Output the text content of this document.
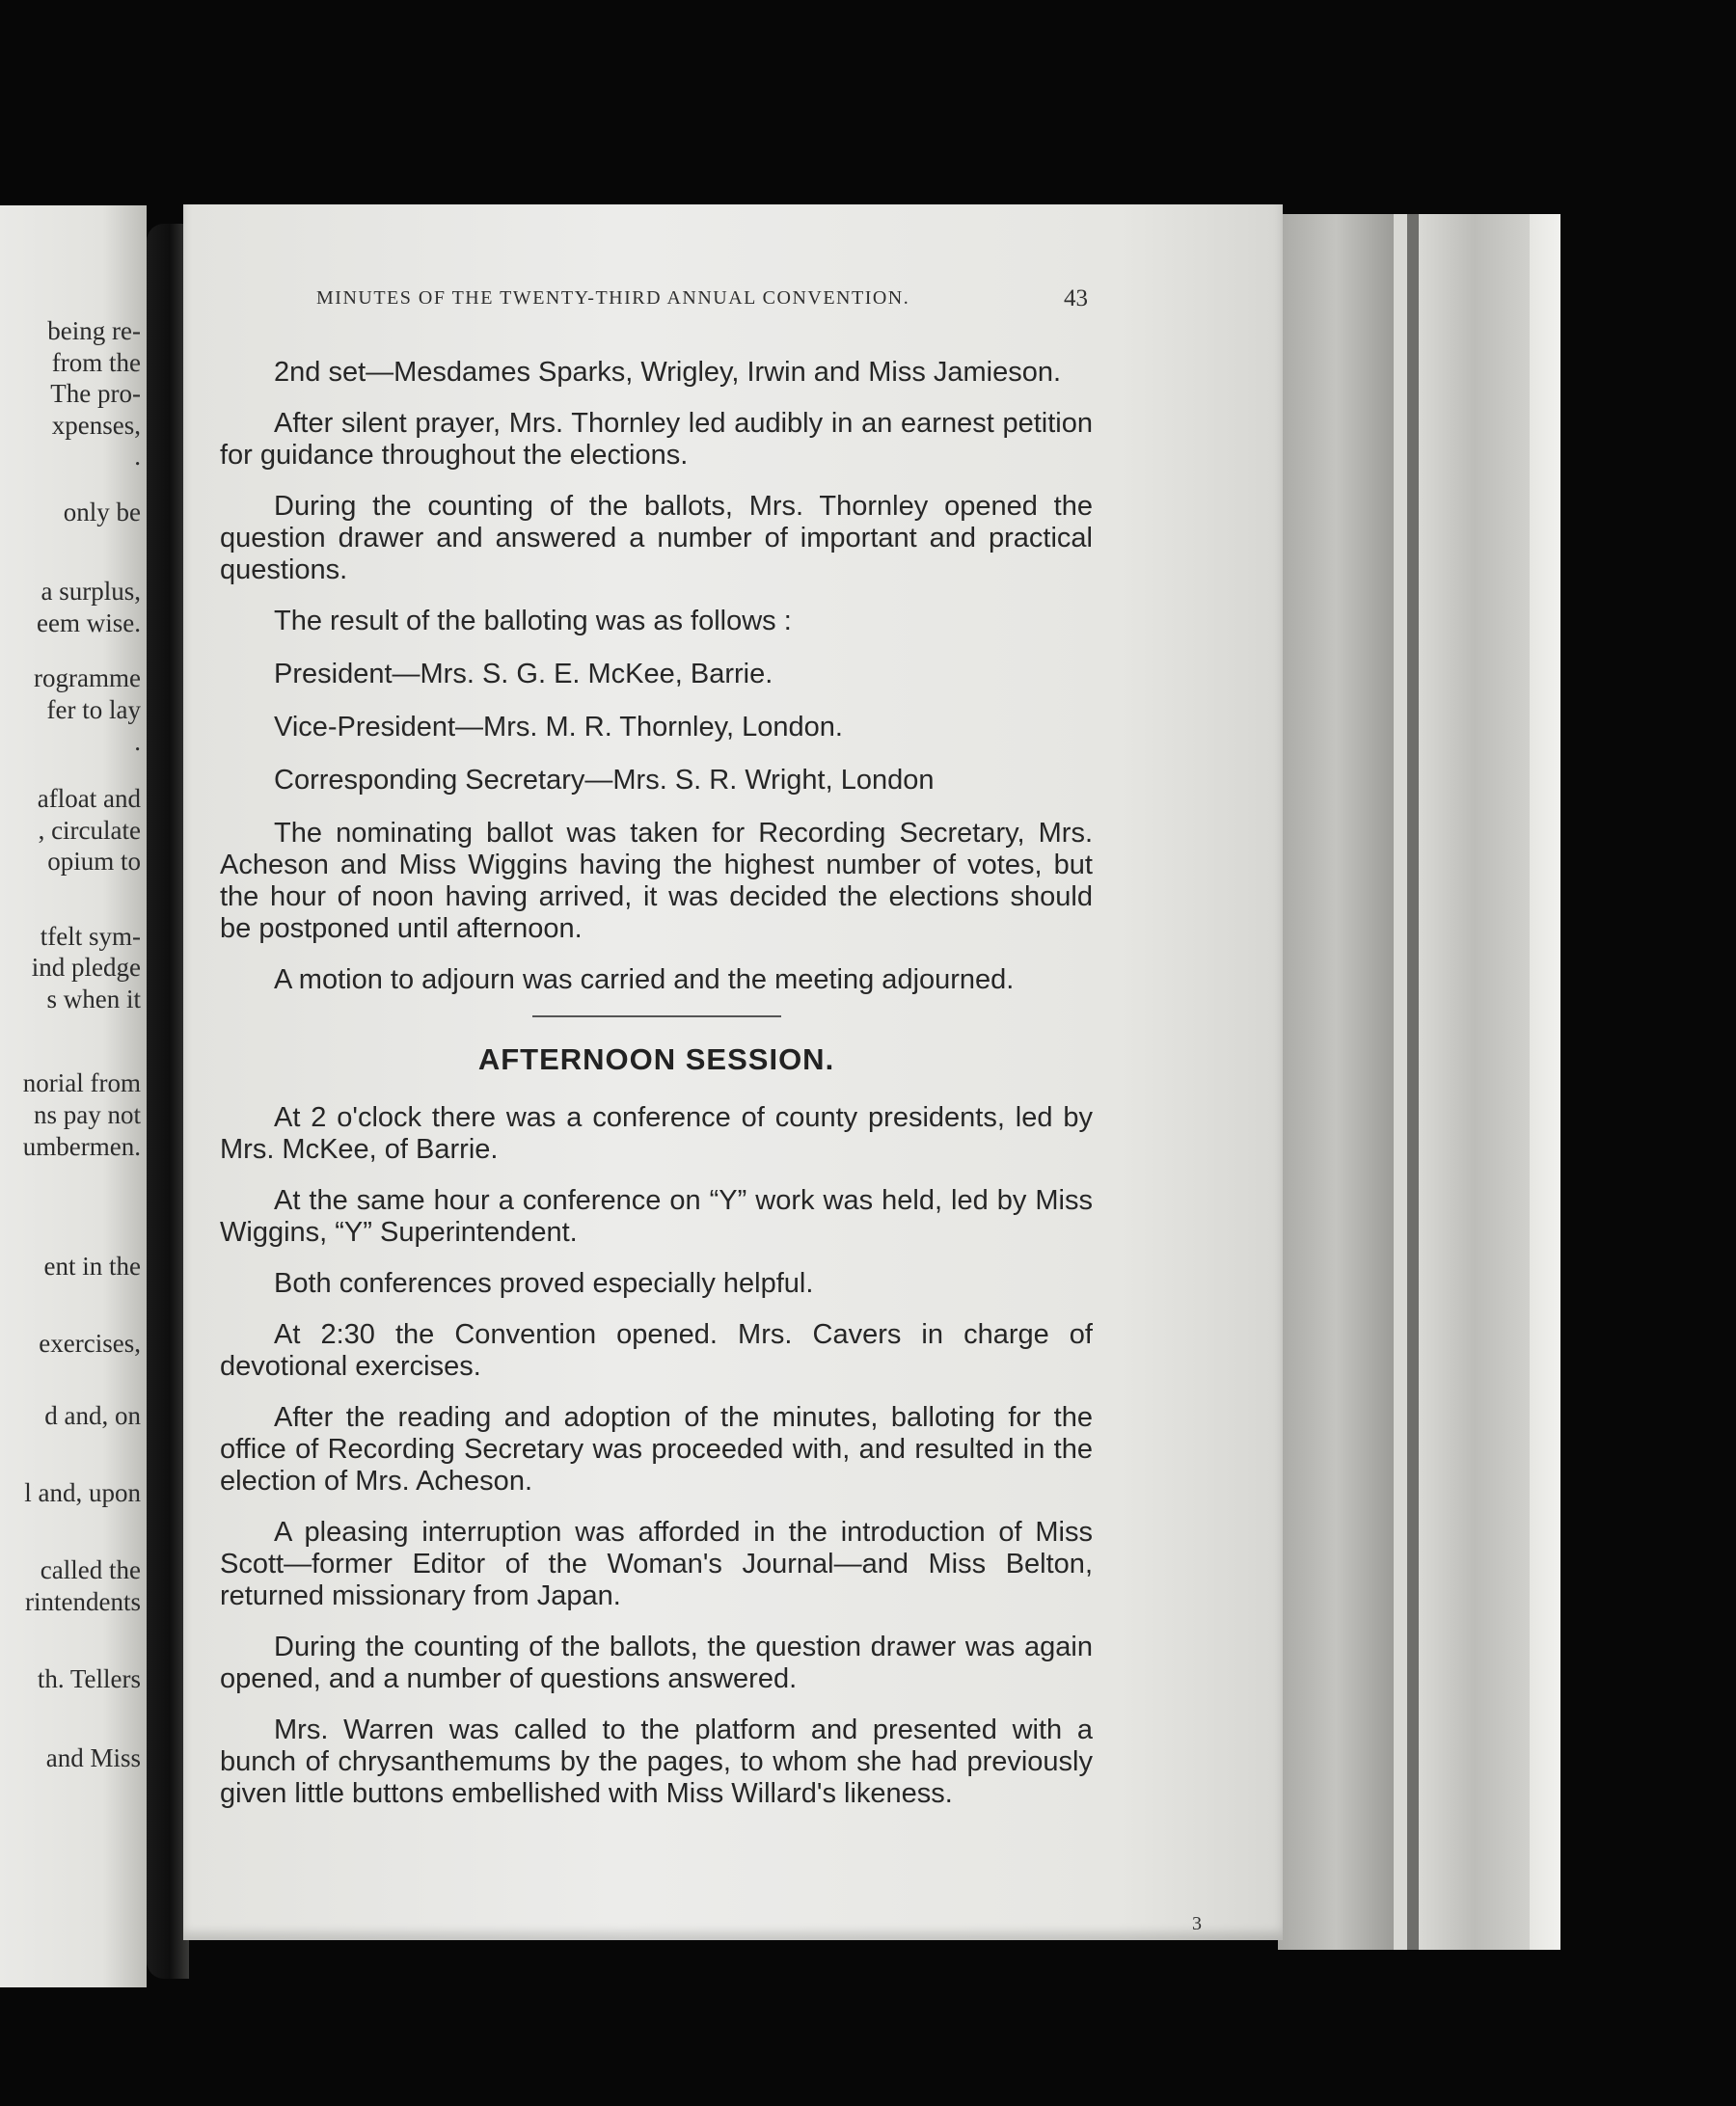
being re-
from the
The pro-
xpenses,
.
only be
a surplus,
eem wise.
rogramme
fer to lay
.
afloat and
, circulate
opium to
tfelt sym-
ind pledge
s when it
norial from
ns pay not
umbermen.
ent in the
exercises,
d and, on
l and, upon
called the
rintendents
th. Tellers
and Miss
MINUTES OF THE TWENTY-THIRD ANNUAL CONVENTION.	43

2nd set—Mesdames Sparks, Wrigley, Irwin and Miss Jamieson.

After silent prayer, Mrs. Thornley led audibly in an earnest petition for guidance throughout the elections.

During the counting of the ballots, Mrs. Thornley opened the question drawer and answered a number of important and practical questions.

The result of the balloting was as follows :

President—Mrs. S. G. E. McKee, Barrie.

Vice-President—Mrs. M. R. Thornley, London.

Corresponding Secretary—Mrs. S. R. Wright, London

The nominating ballot was taken for Recording Secretary, Mrs. Acheson and Miss Wiggins having the highest number of votes, but the hour of noon having arrived, it was decided the elections should be postponed until afternoon.

A motion to adjourn was carried and the meeting adjourned.

AFTERNOON SESSION.

At 2 o'clock there was a conference of county presidents, led by Mrs. McKee, of Barrie.

At the same hour a conference on “Y” work was held, led by Miss Wiggins, “Y” Superintendent.

Both conferences proved especially helpful.

At 2:30 the Convention opened. Mrs. Cavers in charge of devotional exercises.

After the reading and adoption of the minutes, balloting for the office of Recording Secretary was proceeded with, and resulted in the election of Mrs. Acheson.

A pleasing interruption was afforded in the introduction of Miss Scott—former Editor of the Woman's Journal—and Miss Belton, returned missionary from Japan.

During the counting of the ballots, the question drawer was again opened, and a number of questions answered.

Mrs. Warren was called to the platform and presented with a bunch of chrysanthemums by the pages, to whom she had previously given little buttons embellished with Miss Willard's likeness.

3
